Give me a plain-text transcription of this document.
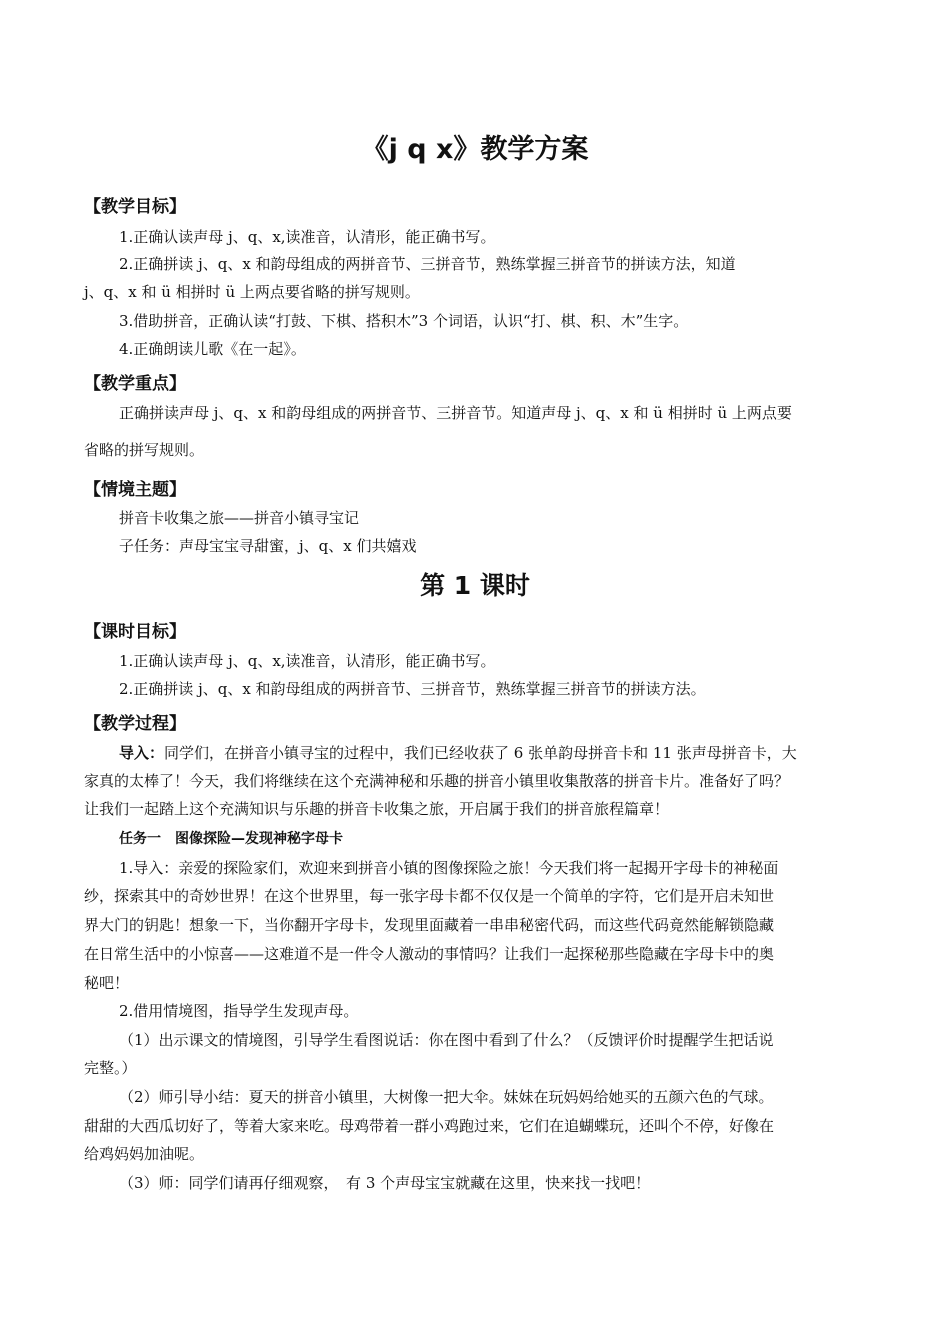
《j q x》教学方案
【教学目标】
1.正确认读声母 j、q、x,读准音，认清形，能正确书写。
2.正确拼读 j、q、x 和韵母组成的两拼音节、三拼音节，熟练掌握三拼音节的拼读方法，知道
j、q、x 和 ü 相拼时 ü 上两点要省略的拼写规则。
3.借助拼音，正确认读“打鼓、下棋、搭积木”3 个词语，认识“打、棋、积、木”生字。
4.正确朗读儿歌《在一起》。
【教学重点】
正确拼读声母 j、q、x 和韵母组成的两拼音节、三拼音节。知道声母 j、q、x 和 ü 相拼时 ü 上两点要
省略的拼写规则。
【情境主题】
拼音卡收集之旅——拼音小镇寻宝记
子任务：声母宝宝寻甜蜜，j、q、x 们共嬉戏
第 1 课时
【课时目标】
1.正确认读声母 j、q、x,读准音，认清形，能正确书写。
2.正确拼读 j、q、x 和韵母组成的两拼音节、三拼音节，熟练掌握三拼音节的拼读方法。
【教学过程】
导入：同学们，在拼音小镇寻宝的过程中，我们已经收获了 6 张单韵母拼音卡和 11 张声母拼音卡，大
家真的太棒了！今天，我们将继续在这个充满神秘和乐趣的拼音小镇里收集散落的拼音卡片。准备好了吗？
让我们一起踏上这个充满知识与乐趣的拼音卡收集之旅，开启属于我们的拼音旅程篇章！
任务一　图像探险—发现神秘字母卡
1.导入：亲爱的探险家们，欢迎来到拼音小镇的图像探险之旅！今天我们将一起揭开字母卡的神秘面
纱，探索其中的奇妙世界！在这个世界里，每一张字母卡都不仅仅是一个简单的字符，它们是开启未知世
界大门的钥匙！想象一下，当你翻开字母卡，发现里面藏着一串串秘密代码，而这些代码竟然能解锁隐藏
在日常生活中的小惊喜——这难道不是一件令人激动的事情吗？让我们一起探秘那些隐藏在字母卡中的奥
秘吧！
2.借用情境图，指导学生发现声母。
（1）出示课文的情境图，引导学生看图说话：你在图中看到了什么？（反馈评价时提醒学生把话说
完整。）
（2）师引导小结：夏天的拼音小镇里，大树像一把大伞。妹妹在玩妈妈给她买的五颜六色的气球。
甜甜的大西瓜切好了，等着大家来吃。母鸡带着一群小鸡跑过来，它们在追蝴蝶玩，还叫个不停，好像在
给鸡妈妈加油呢。
（3）师：同学们请再仔细观察，　有 3 个声母宝宝就藏在这里，快来找一找吧！
